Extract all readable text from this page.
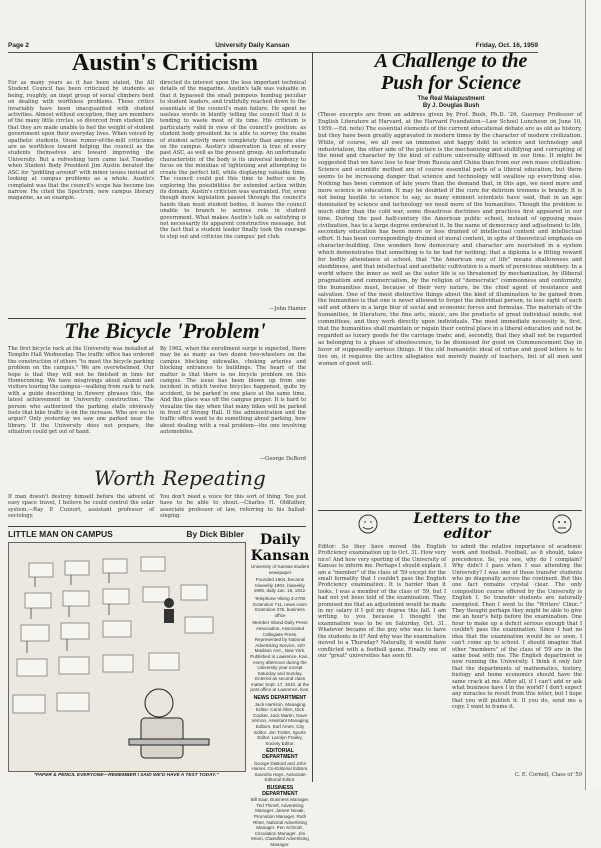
Page 2	University Daily Kansan	Friday, Oct. 16, 1959
Austin's Criticism
For as many years as it has been stated, the All Student Council has been criticized by students as being, roughly, an inept group of social climbers bent on dealing with worthless problems. These critics invariably have been unacquainted with student activities. Almost without exception, they are members of the many little circles, so divorced from student life that they are made unable to feel the weight of student government upon their everyday lives. When voiced by apathetic students, those rumor-of-the-mill criticisms are as worthless toward helping the council as the students themselves are toward improving the University. But a refreshing turn came last Tuesday when Student Body President Jim Austin berated the ASC for "piddling around" with minor issues instead of looking at campus problems as a whole. Austin's complaint was that the council's scope has become too narrow. He cited the Spectrum, new campus literary magazine, as an example.
directed its interest upon the less important technical details of the magazine. Austin's talk was valuable in that it bypassed the small pompous humbug peculiar to student leaders, and truthfully reached down to the essentials of the council's main failure. He spent no useless words in bluntly telling the council that it is tending to waste most of its time. His criticism is particularly valid in view of the council's position: as student body president he is able to survey the realm of student activity more completely than anyone else on the campus. Austin's observation is true of every past ASC, as well as the present group. An unfortunate characteristic of the body is its universal tendency to focus on the minutiae of tightening and attempting to create the perfect bill, while displaying valuable time. The council could put this time to better use by exploring the possibilities for extended action within its domain. Austin's criticism was warranted. For, even though more legislation passed through the council's hands than most student bodies, it leaves the council unable to branch to serious role in student government. What makes Austin's talk so satisfying is not necessarily its apparent constructive message, but the fact that a student leader finally took the courage to step out and criticize the campus' pet club.
—John Hamer
The Bicycle 'Problem'
The first bicycle rack at the University was installed at Templin Hall Wednesday. The traffic office has ordered the construction of others "to meet the bicycle parking problem on the campus." We are overwhelmed. Our hope is that they will not be finished in time for Homecoming. We have misgivings about alumni and visitors touring the campus—walking from rack to rack with a guide describing in flowery phrases this, the latest achievement in University construction. The person who authorized the parking stalls obviously feels that bike traffic is on the increase. Who are we to argue? Only yesterday we saw one parked near the library. If the University does not prepare, the situation could get out of hand.
By 1962, when the enrollment surge is expected, there may be as many as two dozen two-wheelers on the campus blocking sidewalks, choking arteries and blocking entrances to buildings. The heart of the matter is that there is no bicycle problem on this campus. The issue has been blown up from one incident in which twelve bicycles happened, quite by accident, to be parked in one place at the same time. And this place was off the campus proper. It is hard to visualize the day when that many bikes will be parked in front of Strong Hall. If the administration and the traffic office want to do something about parking, how about dealing with a real problem—the one involving automobiles.
—George DeBord
Worth Repeating
If man doesn't destroy himself before the advent of easy space travel, I believe he could control the solar system.—Ray P. Cuzzort, assistant professor of sociology.
You don't need a voice for this sort of thing. You just have to be able to shout.—Charles H. Oldfather, associate professor of law, referring to his ballad-singing.
LITTLE MAN ON CAMPUS	By Dick Bibler
"PAPER & PENCIL EVERYONE—REMEMBER I SAID WE'D HAVE A TEST TODAY."
Daily Kansan
University of Kansas student newspaper
Founded 1904, became triweekly 1904, biweekly 1905, daily Jan. 16, 1912.
Telephone Viking 3-2700 Extension 711, news room Extension 376, business office
Member Inland Daily Press Association, Associated Collegiate Press. Represented by National Advertising Service, 420 Madison Ave., New York. Published in Lawrence, Kan., every afternoon during the University year except Saturday and Sunday. Entered as second class matter Sept. 17, 1910, at the post office at Lawrence, Kan.
NEWS DEPARTMENT
Jack Harrison, Managing Editor. Carol Allen, Dick Cooker, Jack Martin, Dave Vernon, Assistant Managing Editors. Earl Ames, City Editor. Jim Trotter, Sports Editor. Larolyn Frailey, Society Editor.
EDITORIAL DEPARTMENT
George DeBord and John Hamer, Co-Editorial Editors. Saundra Hays, Associate Editorial Editor.
BUSINESS DEPARTMENT
Bill Saar, Business Manager. Ted Thinell, Advertising Manager. Jamee Novak, Promotion Manager. Ruth Ritter, National Advertising Manager. Pen Schmitz, Circulation Manager. Jim Moon, Classified Advertising Manager.
A Challenge to the
Push for Science
The Real Malapustment
By J. Douglas Bush
(These excerpts are from an address given by Prof. Bush, Ph.D. '26, Guerney Professor of English Literature at Harvard, at the Harvard Foundation—Law School Luncheon on June 10, 1959.—Ed. note) The essential elements of the current educational debate are as old as history, but they have been greatly aggravated in modern times by the character of modern civilization. While, of course, we all owe an immense and happy debt to science and technology and industrialism, the other side of the picture is the mechanizing and stultifying and corrupting of the mind and character by the kind of culture universally diffused in our time. It might be suggested that we have less to fear from Russia and China than from our own mass civilization. Science and scientific method are of course essential parts of a liberal education, but there seems to be increasing danger that science and technology will swallow up everything else. Nothing has been common of late years than the demand that, in this age, we need more and more science in education. It may be doubted if the cure for delirium tremens is brandy. It is not being hostile to science to say, as many eminent scientists have said, that in an age dominated by science and technology we need more of the humanities. Though the problem is much older than the cold war, some disastrous doctrines and practices first appeared in our time. During the past half-century the American public school, instead of opposing mass civilization, has to a large degree embraced it. In the name of democracy and adjustment to life, secondary education has been more or less drained of intellectual content and intellectual effort. It has been correspondingly drained of moral content, in spite of theoretical emphasis on character-building. One wonders how democracy and character are nourished in a system which demonstrates that something is to be had for nothing; that a diploma is a fitting reward for bodily attendance at school, that "the American way of life" means shallowness and shoddiness, and that intellectual and aesthetic cultivation is a mark of pernicious snobbery. In a world where the inner as well as the outer life is so threatened by mechanization, by illiberal pragmatism and commercialism, by the religion of "democratic" commonness and conformity, the humanities must, because of their very nature, be the chief agent of resistance and salvation. One of the most distinctive things about the kind of illumination to be gained from the humanities is that one is never allowed to forget the individual person, to lose sight of each self and others in a large blur of social and economic forces and formulas. The materials of the humanities, in literature, the fine arts, music, are the products of great individual minds, not committees, and they work directly upon individuals. The most immediate necessity is, first, that the humanities shall maintain or regain their central place in a liberal education and not be regarded as luxury goods for the carriage trade; and, secondly, that they shall not be regarded as belonging to a phase of obsolescence, to be dismissed for good on Commencement Day in favor of supposedly serious things. If the old humanistic ideal of virtue and good letters is to live on, it requires the active allegiance not merely mainly of teachers, but of all men and women of good will.
Letters to the editor
Editor: So they have moved the English Proficiency examination up to Oct. 31. How very nice! And how very sporting of the University of Kansas to inform me. Perhaps I should explain. I am a "member" of the class of '59 except for the small formality that I couldn't pass the English Proficiency examination. It is harder than it looks. I was a member of the class of '59, but I had not yet been told of the examination. They promised me that an adjustment would be made in my salary if I got my degree this fall. I am writing to you because I thought the examination was to be on Saturday, Oct. 31. Whatever became of the guy who was to have the students in it? And why was the examination moved to a Thursday? Naturally, it would have conflicted with a football game. Finally one of our "great" universities has seen fit
to admit the relative importance of academic work and football. Football, as it should, takes precedence. So, you see, why do I complain? Why didn't I pass when I was attending the University? I was one of those transfer students who go diagonally across the continent. But this one fact remains crystal clear. The only composition course offered by the University is English I. So transfer students are naturally exempted. Then I went to the "Writers' Clinic." They thought perhaps they might be able to give me an hour's help before the examination. One hour to make up a deficit serious enough that I couldn't pass the examination. Since I had no idea that the examination would be so soon, I can't come up to school. I should imagine that other "members" of the class of '59 are in the same boat with me. The English department is now running the University. I think it only fair that the departments of mathematics, history, biology and home economics should have the same crack at me. After all, if I can't add or ask what business have I in the world? I don't expect any miracles to result from this letter, but I hope that you will publish it. If you do, send me a copy. I want to frame it.
C. E. Cornell, Class of '59
